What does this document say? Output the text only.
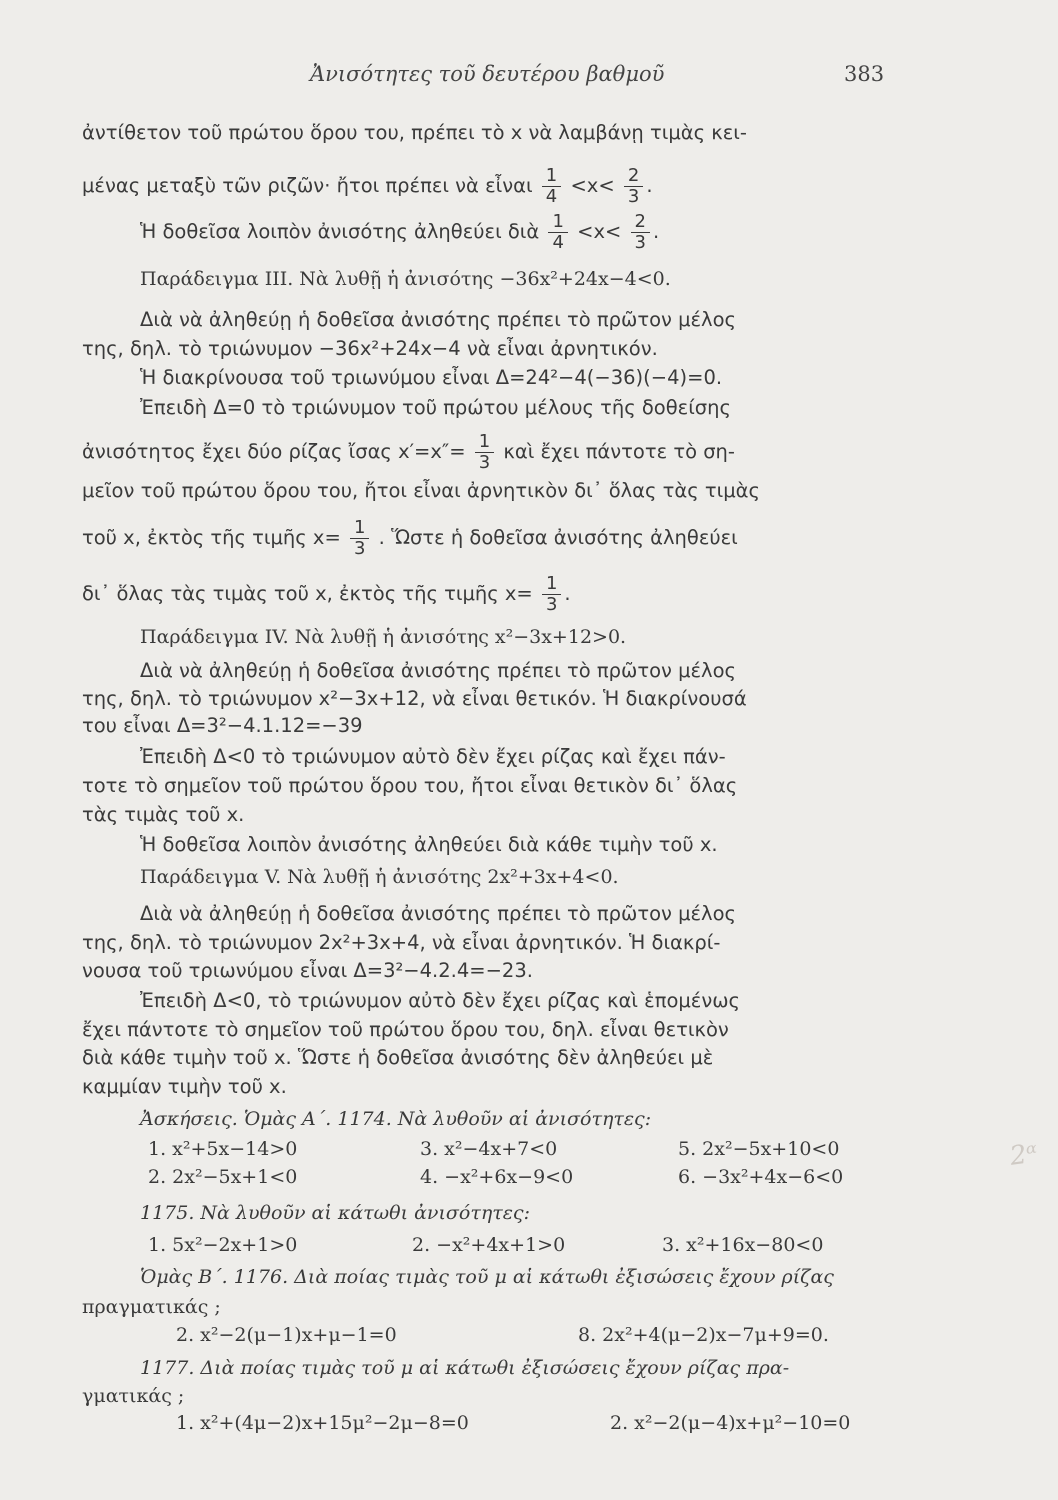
Ἀνισότητες τοῦ δευτέρου βαθμοῦ	383
ἀντίθετον τοῦ πρώτου ὅρου του, πρέπει τὸ x νὰ λαμβάνῃ τιμὰς κει-
μένας μεταξὺ τῶν ριζῶν· ἤτοι πρέπει νὰ εἶναι $\frac{1}{4} <x< \frac{2}{3}$ .
Ἡ δοθεῖσα λοιπὸν ἀνισότης ἀληθεύει διὰ $\frac{1}{4} <x< \frac{2}{3}$ .
Παράδειγμα ΙΙΙ. Νὰ λυθῇ ἡ ἀνισότης −36x²+24x−4<0.
Διὰ νὰ ἀληθεύῃ ἡ δοθεῖσα ἀνισότης πρέπει τὸ πρῶτον μέλος
της, δηλ. τὸ τριώνυμον −36x²+24x−4 νὰ εἶναι ἀρνητικόν.
Ἡ διακρίνουσα τοῦ τριωνύμου εἶναι Δ=24²−4(−36)(−4)=0.
Ἐπειδὴ Δ=0 τὸ τριώνυμον τοῦ πρώτου μέλους τῆς δοθείσης
ἀνισότητος ἔχει δύο ρίζας ἴσας $x'=x''= \frac{1}{3}$ καὶ ἔχει πάντοτε τὸ ση-
μεῖον τοῦ πρώτου ὅρου του, ἤτοι εἶναι ἀρνητικὸν δι᾽ ὅλας τὰς τιμὰς
τοῦ x, ἐκτὸς τῆς τιμῆς $x= \frac{1}{3}$ . Ὥστε ἡ δοθεῖσα ἀνισότης ἀληθεύει
δι᾽ ὅλας τὰς τιμὰς τοῦ x, ἐκτὸς τῆς τιμῆς $x= \frac{1}{3}$ .
Παράδειγμα ΙV. Νὰ λυθῇ ἡ ἀνισότης x²−3x+12>0.
Διὰ νὰ ἀληθεύῃ ἡ δοθεῖσα ἀνισότης πρέπει τὸ πρῶτον μέλος
της, δηλ. τὸ τριώνυμον x²−3x+12, νὰ εἶναι θετικόν. Ἡ διακρίνουσά
του εἶναι Δ=3²−4.1.12=−39
Ἐπειδὴ Δ<0 τὸ τριώνυμον αὐτὸ δὲν ἔχει ρίζας καὶ ἔχει πάν-
τοτε τὸ σημεῖον τοῦ πρώτου ὅρου του, ἤτοι εἶναι θετικὸν δι᾽ ὅλας
τὰς τιμὰς τοῦ x.
Ἡ δοθεῖσα λοιπὸν ἀνισότης ἀληθεύει διὰ κάθε τιμὴν τοῦ x.
Παράδειγμα V. Νὰ λυθῇ ἡ ἀνισότης 2x²+3x+4<0.
Διὰ νὰ ἀληθεύῃ ἡ δοθεῖσα ἀνισότης πρέπει τὸ πρῶτον μέλος
της, δηλ. τὸ τριώνυμον 2x²+3x+4, νὰ εἶναι ἀρνητικόν. Ἡ διακρί-
νουσα τοῦ τριωνύμου εἶναι Δ=3²−4.2.4=−23.
Ἐπειδὴ Δ<0, τὸ τριώνυμον αὐτὸ δὲν ἔχει ρίζας καὶ ἑπομένως
ἔχει πάντοτε τὸ σημεῖον τοῦ πρώτου ὅρου του, δηλ. εἶναι θετικὸν
διὰ κάθε τιμὴν τοῦ x. Ὥστε ἡ δοθεῖσα ἀνισότης δὲν ἀληθεύει μὲ
καμμίαν τιμὴν τοῦ x.
Ἀσκήσεις. Ὁμὰς Α΄. 1174. Νὰ λυθοῦν αἱ ἀνισότητες:
1. x²+5x−14>0	3. x²−4x+7<0	5. 2x²−5x+10<0
2. 2x²−5x+1<0	4. −x²+6x−9<0	6. −3x²+4x−6<0
1175. Νὰ λυθοῦν αἱ κάτωθι ἀνισότητες:
1. 5x²−2x+1>0	2. −x²+4x+1>0	3. x²+16x−80<0
Ὁμὰς Β΄. 1176. Διὰ ποίας τιμὰς τοῦ μ αἱ κάτωθι ἐξισώσεις ἔχουν ρίζας
πραγματικάς ;
2. x²−2(μ−1)x+μ−1=0	8. 2x²+4(μ−2)x−7μ+9=0.
1177. Διὰ ποίας τιμὰς τοῦ μ αἱ κάτωθι ἐξισώσεις ἔχουν ρίζας πρα-
γματικάς ;
1. x²+(4μ−2)x+15μ²−2μ−8=0	2. x²−2(μ−4)x+μ²−10=0
2ᵅ
